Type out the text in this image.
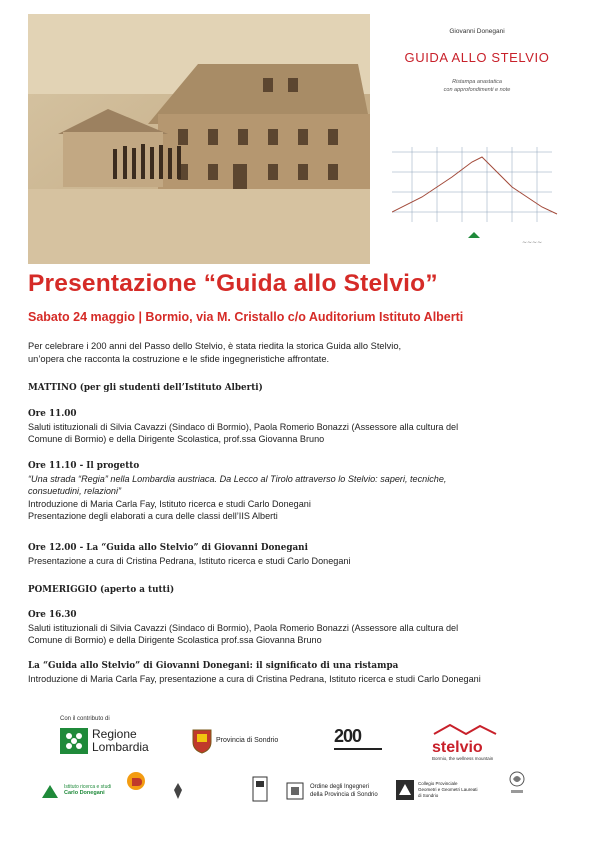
Giovanni Donegani
GUIDA ALLO STELVIO
Ristampa anastatica
con approfondimenti e note
∼∼∼∼
Presentazione “Guida allo Stelvio”
Sabato 24 maggio | Bormio, via M. Cristallo c/o Auditorium Istituto Alberti
Per celebrare i 200 anni del Passo dello Stelvio, è stata riedita la storica Guida allo Stelvio,
un’opera che racconta la costruzione e le sfide ingegneristiche affrontate.
MATTINO (per gli studenti dell’Istituto Alberti)
Ore 11.00
Saluti istituzionali di Silvia Cavazzi (Sindaco di Bormio), Paola Romerio Bonazzi (Assessore alla cultura del
Comune di Bormio) e della Dirigente Scolastica, prof.ssa Giovanna Bruno
Ore 11.10 - Il progetto
“Una strada “Regia” nella Lombardia austriaca. Da Lecco al Tirolo attraverso lo Stelvio: saperi, tecniche,
consuetudini, relazioni”
Introduzione di Maria Carla Fay, Istituto ricerca e studi Carlo Donegani
Presentazione degli elaborati a cura delle classi dell’IIS Alberti
Ore 12.00 - La “Guida allo Stelvio” di Giovanni Donegani
Presentazione a cura di Cristina Pedrana, Istituto ricerca e studi Carlo Donegani
POMERIGGIO (aperto a tutti)
Ore 16.30
Saluti istituzionali di Silvia Cavazzi (Sindaco di Bormio), Paola Romerio Bonazzi (Assessore alla cultura del
Comune di Bormio) e della Dirigente Scolastica prof.ssa Giovanna Bruno
La “Guida allo Stelvio” di Giovanni Donegani: il significato di una ristampa
Introduzione di Maria Carla Fay, presentazione a cura di Cristina Pedrana, Istituto ricerca e studi Carlo Donegani
Con il contributo di
Regione
Lombardia	Provincia di Sondrio	200
stelvio
Bormio, the wellness mountain
Istituto ricerca e studi
Carlo Donegani
Ordine degli Ingegneri
della Provincia di Sondrio
Collegio Provinciale
Geometri e Geometri Laureati
di Sondrio
